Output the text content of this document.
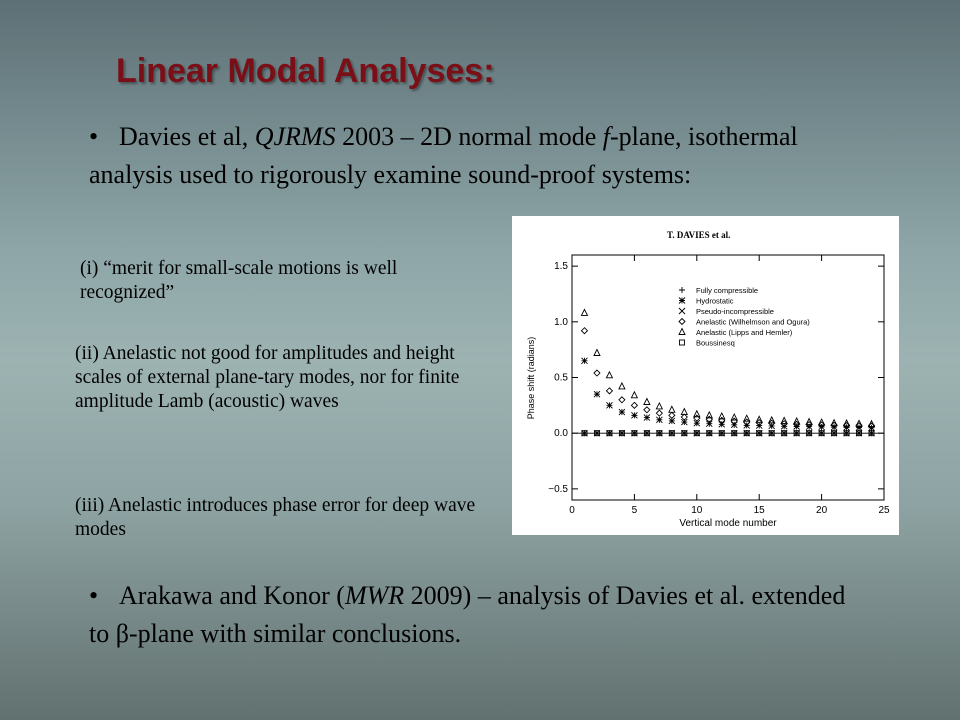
Linear Modal Analyses:
• Davies et al, QJRMS 2003 – 2D normal mode f-plane, isothermal analysis used to rigorously examine sound-proof systems:
(i) “merit for small-scale motions is well recognized”
(ii) Anelastic not good for amplitudes and height scales of external plane-tary modes, nor for finite amplitude Lamb (acoustic) waves
(iii) Anelastic introduces phase error for deep wave modes
T. DAVIES et al.
Vertical mode number
Phase shift (radians)
0	5	10	15	20	25
−0.5
0.0
0.5
1.0
1.5
Fully compressible
Hydrostatic
Pseudo-incompressible
Anelastic (Wilhelmson and Ogura)
Anelastic (Lipps and Hemler)
Boussinesq
• Arakawa and Konor (MWR 2009) – analysis of Davies et al. extended to β-plane with similar conclusions.
